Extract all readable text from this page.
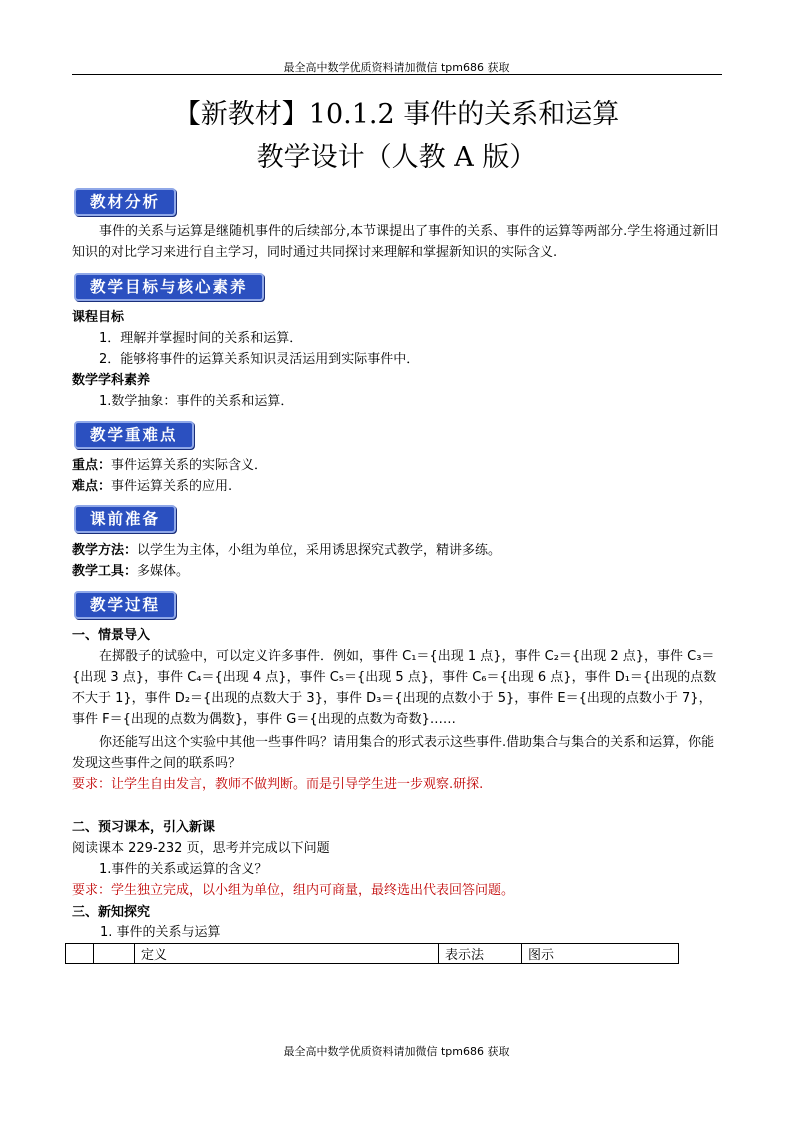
最全高中数学优质资料请加微信 tpm686 获取
【新教材】10.1.2 事件的关系和运算
教学设计（人教 A 版）
教材分析
事件的关系与运算是继随机事件的后续部分,本节课提出了事件的关系、事件的运算等两部分.学生将通过新旧知识的对比学习来进行自主学习，同时通过共同探讨来理解和掌握新知识的实际含义.
教学目标与核心素养
课程目标
1．理解并掌握时间的关系和运算．
2．能够将事件的运算关系知识灵活运用到实际事件中．
数学学科素养
1.数学抽象：事件的关系和运算．
教学重难点
重点：事件运算关系的实际含义．
难点：事件运算关系的应用.
课前准备
教学方法：以学生为主体，小组为单位，采用诱思探究式教学，精讲多练。
教学工具：多媒体。
教学过程
一、情景导入
在掷骰子的试验中，可以定义许多事件．例如，事件 C₁＝{出现 1 点}，事件 C₂＝{出现 2 点}，事件 C₃＝{出现 3 点}，事件 C₄＝{出现 4 点}，事件 C₅＝{出现 5 点}，事件 C₆＝{出现 6 点}，事件 D₁＝{出现的点数不大于 1}，事件 D₂＝{出现的点数大于 3}，事件 D₃＝{出现的点数小于 5}，事件 E＝{出现的点数小于 7}，事件 F＝{出现的点数为偶数}，事件 G＝{出现的点数为奇数}……
你还能写出这个实验中其他一些事件吗？请用集合的形式表示这些事件.借助集合与集合的关系和运算，你能发现这些事件之间的联系吗？
要求：让学生自由发言，教师不做判断。而是引导学生进一步观察.研探.
二、预习课本，引入新课
阅读课本 229-232 页，思考并完成以下问题
1.事件的关系或运算的含义？
要求：学生独立完成，以小组为单位，组内可商量，最终选出代表回答问题。
三、新知探究
1. 事件的关系与运算
		定义	表示法	图示
最全高中数学优质资料请加微信 tpm686 获取
